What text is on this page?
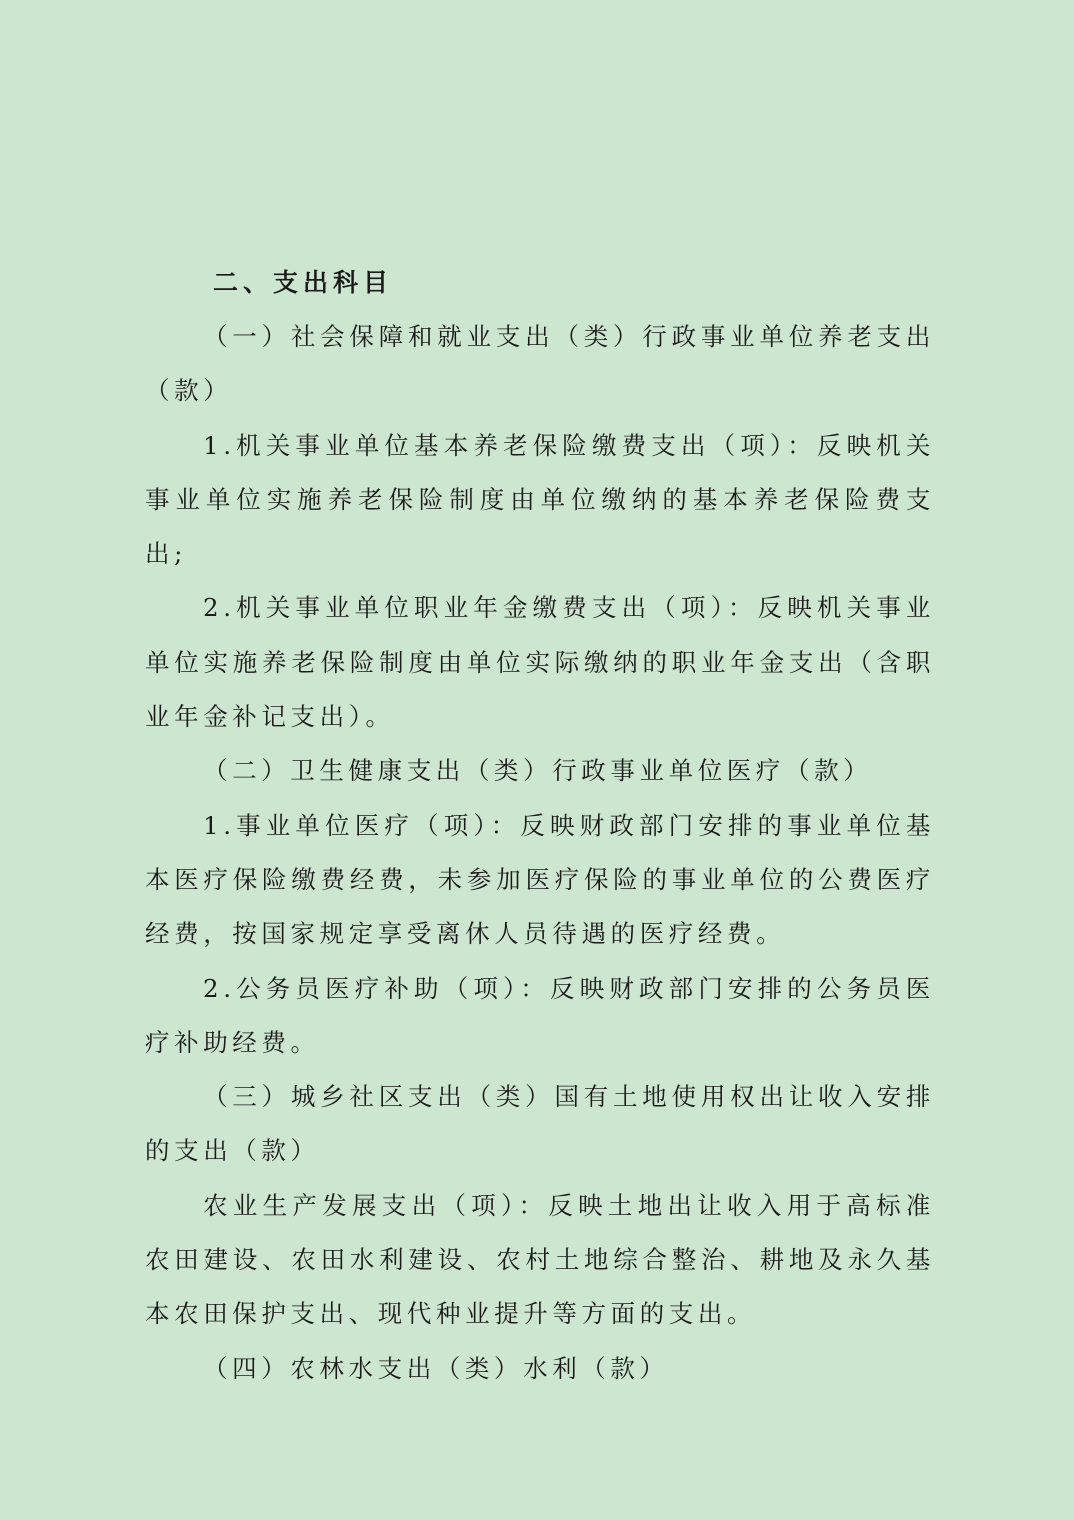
二、支出科目

（一）社会保障和就业支出（类）行政事业单位养老支出（款）

1.机关事业单位基本养老保险缴费支出（项）：反映机关事业单位实施养老保险制度由单位缴纳的基本养老保险费支出;

2.机关事业单位职业年金缴费支出（项）：反映机关事业单位实施养老保险制度由单位实际缴纳的职业年金支出（含职业年金补记支出）。

（二）卫生健康支出（类）行政事业单位医疗（款）

1.事业单位医疗（项）：反映财政部门安排的事业单位基本医疗保险缴费经费，未参加医疗保险的事业单位的公费医疗经费，按国家规定享受离休人员待遇的医疗经费。

2.公务员医疗补助（项）：反映财政部门安排的公务员医疗补助经费。

（三）城乡社区支出（类）国有土地使用权出让收入安排的支出（款）

农业生产发展支出（项）：反映土地出让收入用于高标准农田建设、农田水利建设、农村土地综合整治、耕地及永久基本农田保护支出、现代种业提升等方面的支出。

（四）农林水支出（类）水利（款）
